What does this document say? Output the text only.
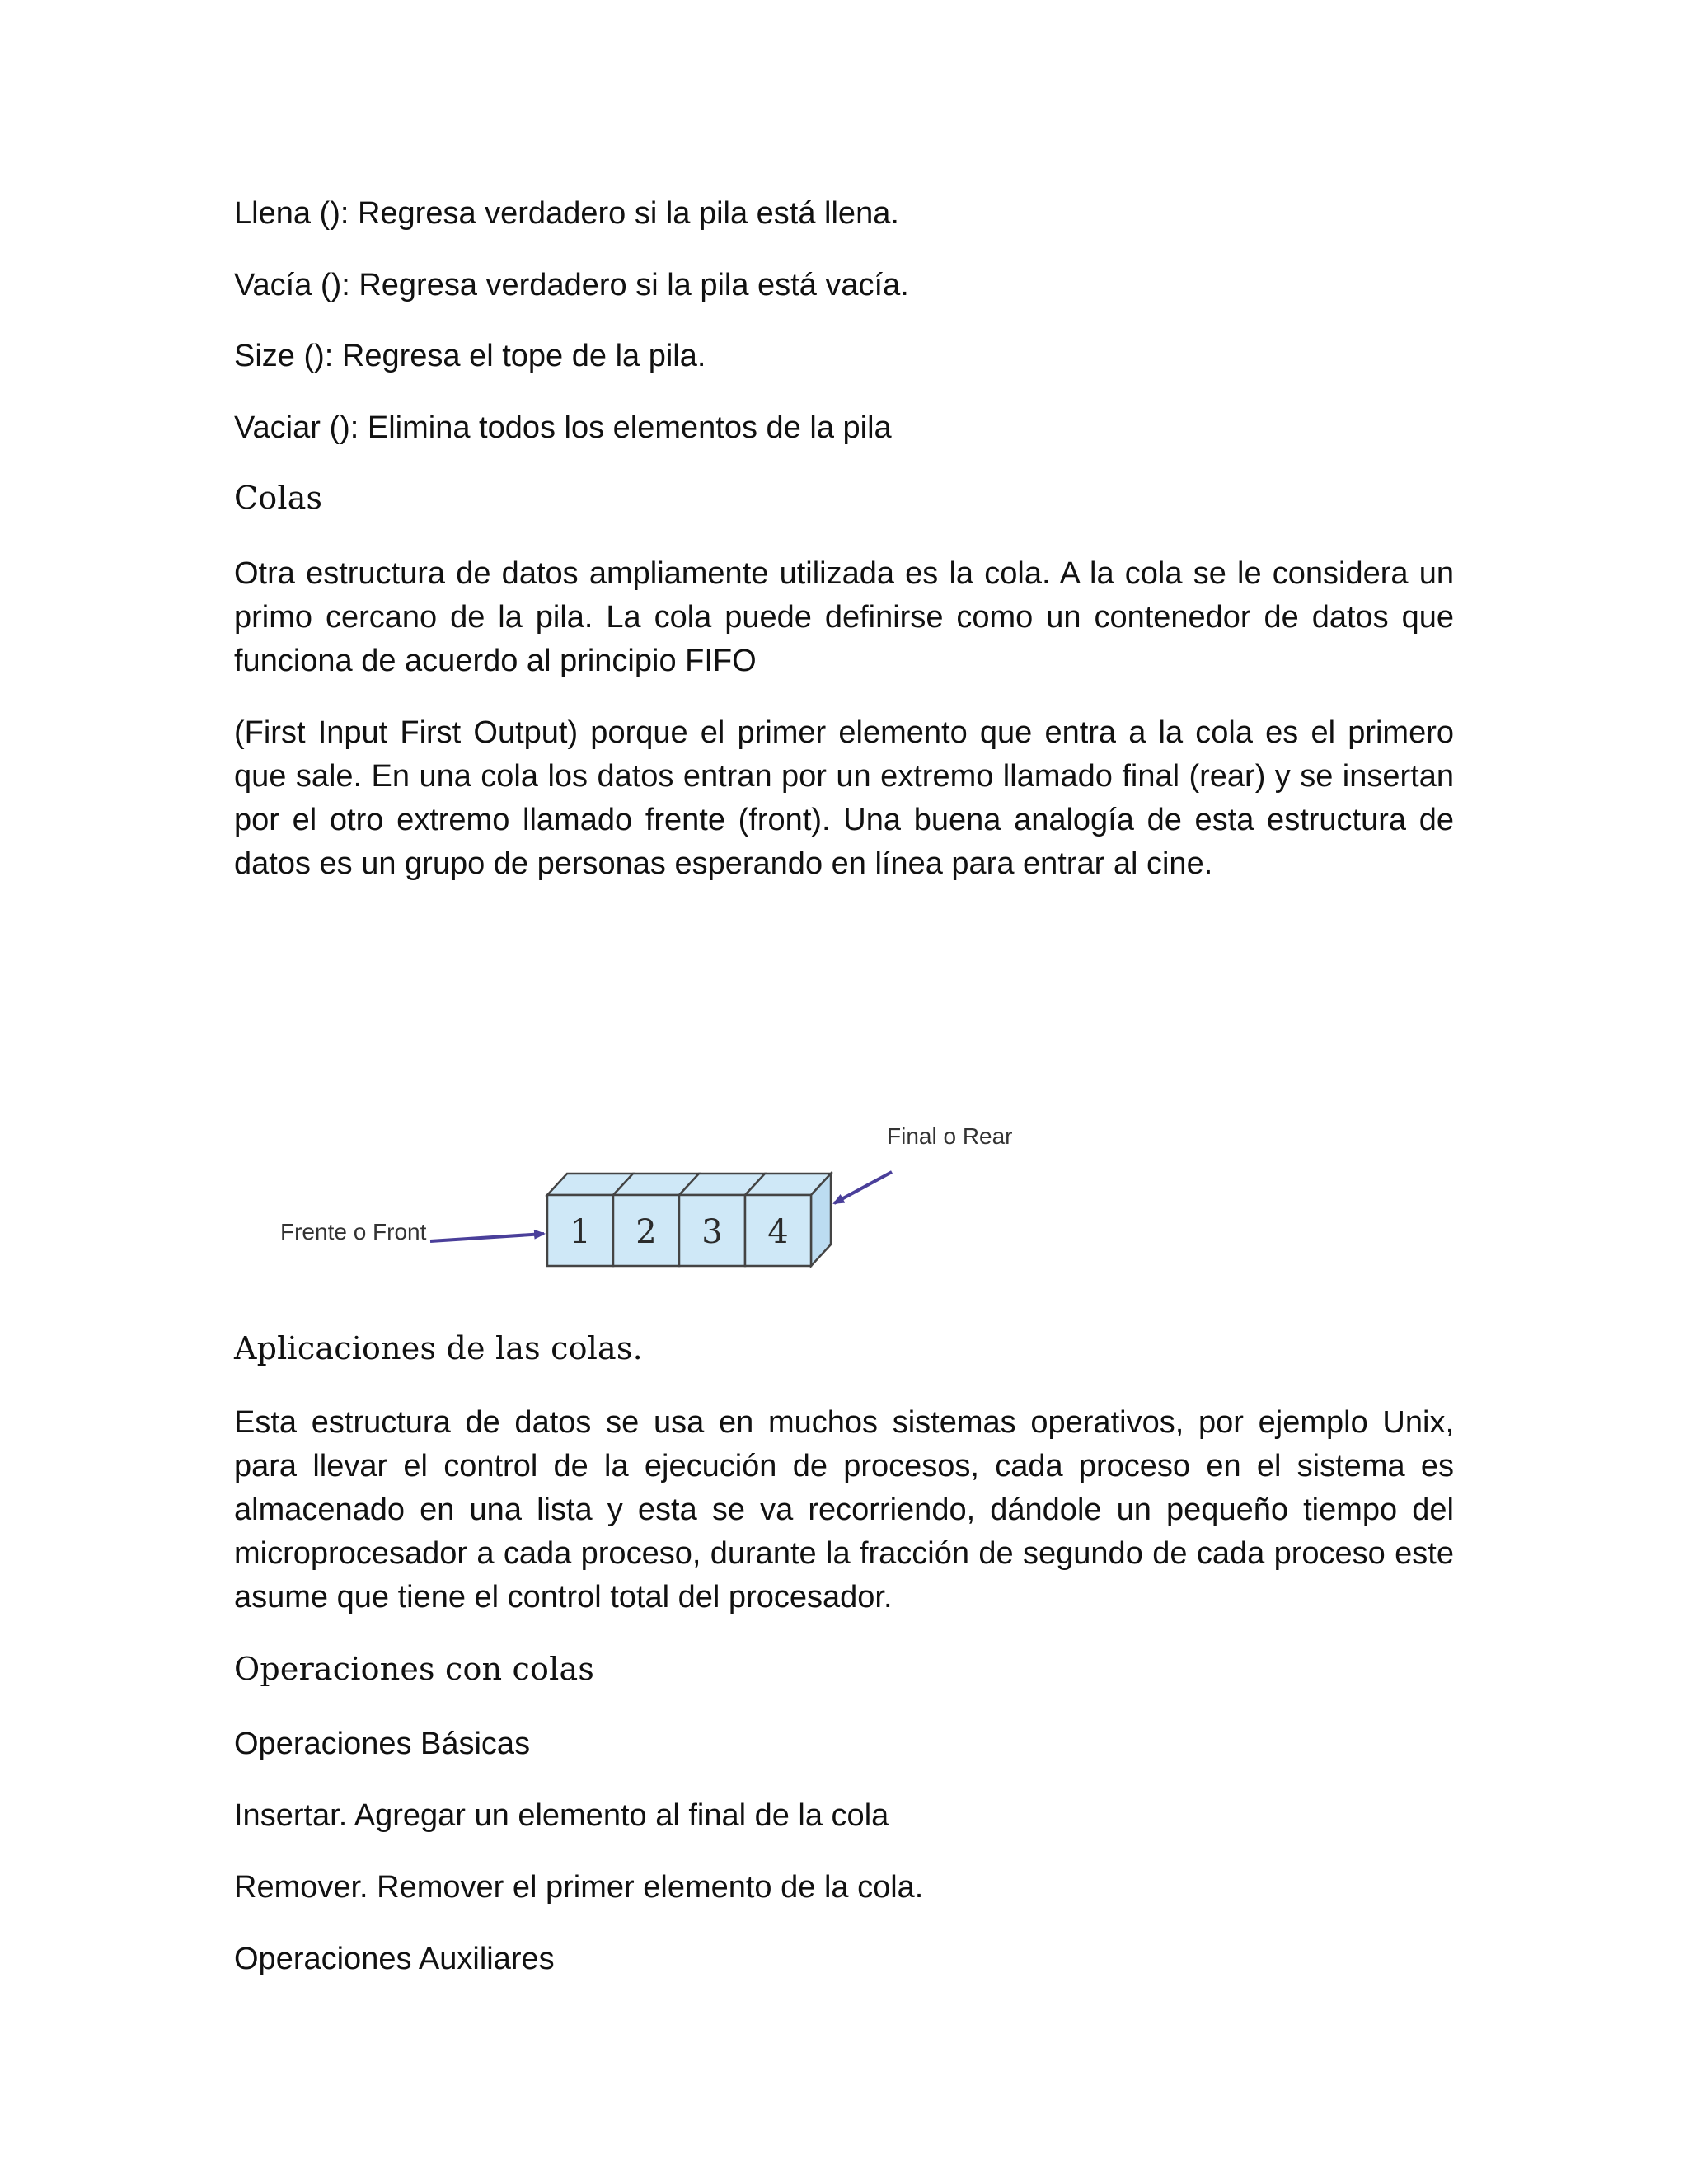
Llena (): Regresa verdadero si la pila está llena.

Vacía (): Regresa verdadero si la pila está vacía.

Size (): Regresa el tope de la pila.

Vaciar (): Elimina todos los elementos de la pila

Colas

Otra estructura de datos ampliamente utilizada es la cola. A la cola se le considera un primo cercano de la pila. La cola puede definirse como un contenedor de datos que funciona de acuerdo al principio FIFO

(First Input First Output) porque el primer elemento que entra a la cola es el primero que sale. En una cola los datos entran por un extremo llamado final (rear) y se insertan por el otro extremo llamado frente (front). Una buena analogía de esta estructura de datos es un grupo de personas esperando en línea para entrar al cine.

Frente o Front
Final o Rear
1 2 3 4
Aplicaciones de las colas.

Esta estructura de datos se usa en muchos sistemas operativos, por ejemplo Unix, para llevar el control de la ejecución de procesos, cada proceso en el sistema es almacenado en una lista y esta se va recorriendo, dándole un pequeño tiempo del microprocesador a cada proceso, durante la fracción de segundo de cada proceso este asume que tiene el control total del procesador.

Operaciones con colas

Operaciones Básicas

Insertar. Agregar un elemento al final de la cola

Remover. Remover el primer elemento de la cola.

Operaciones Auxiliares
